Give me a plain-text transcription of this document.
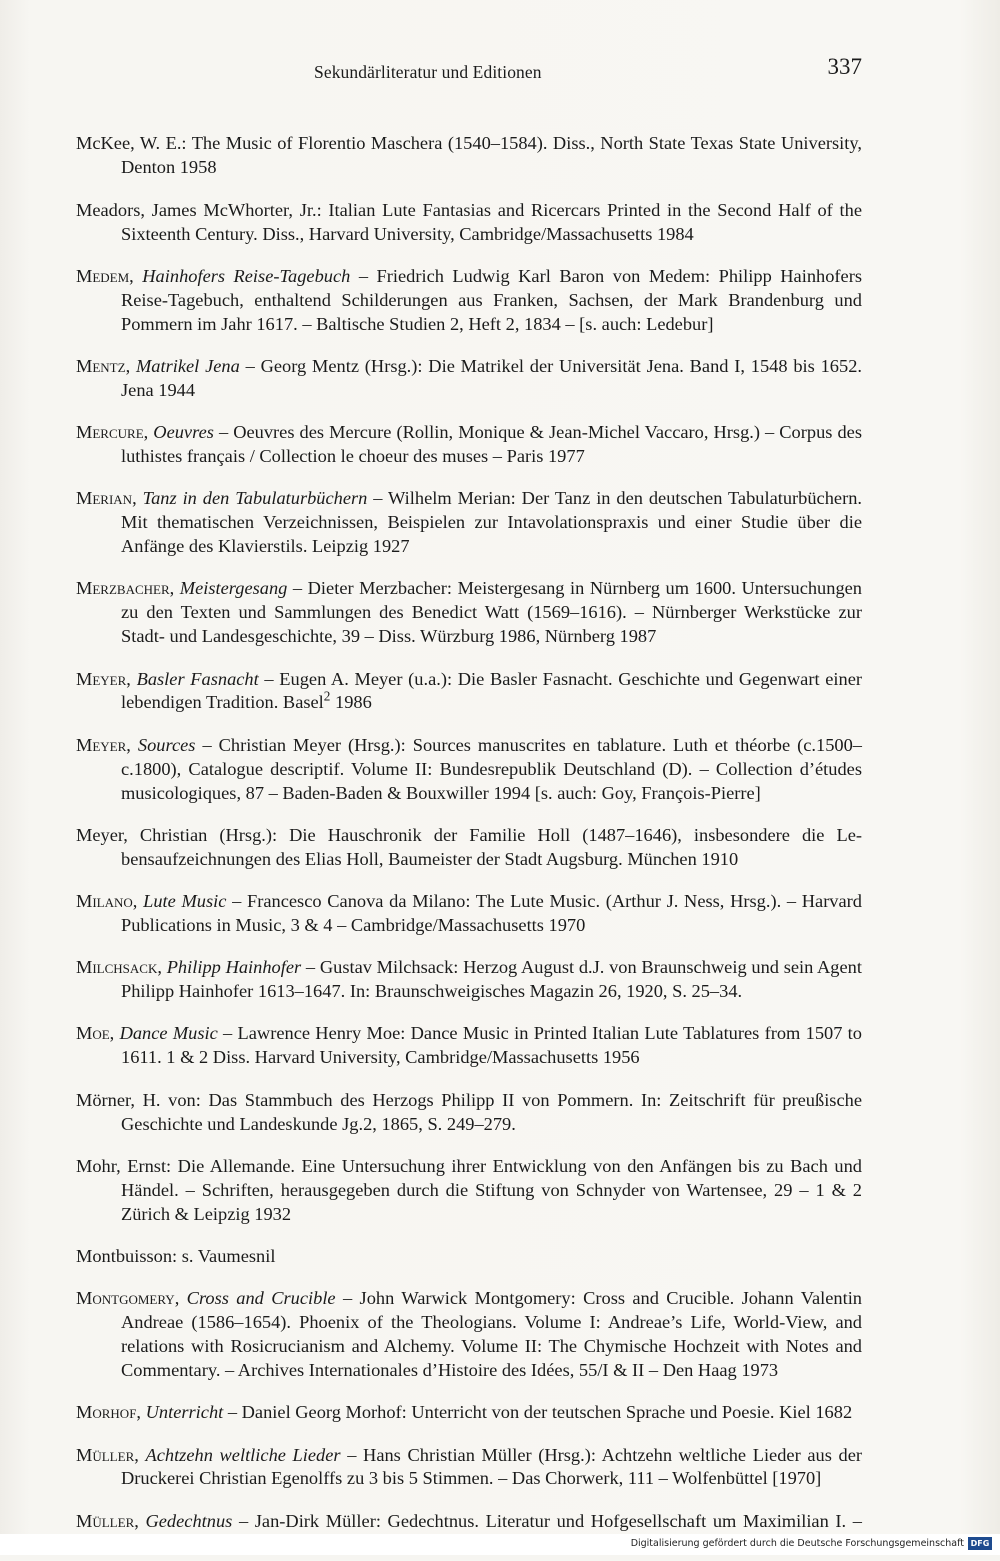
Sekundärliteratur und Editionen	337

McKee, W. E.: The Music of Florentio Maschera (1540–1584). Diss., North State Texas State University, Denton 1958

Meadors, James McWhorter, Jr.: Italian Lute Fantasias and Ricercars Printed in the Second Half of the Sixteenth Century. Diss., Harvard University, Cambridge/Massachusetts 1984

Medem, Hainhofers Reise-Tagebuch – Friedrich Ludwig Karl Baron von Medem: Philipp Hainhofers Reise-Tagebuch, enthaltend Schilderungen aus Franken, Sachsen, der Mark Brandenburg und Pommern im Jahr 1617. – Baltische Studien 2, Heft 2, 1834 – [s. auch: Ledebur]

Mentz, Matrikel Jena – Georg Mentz (Hrsg.): Die Matrikel der Universität Jena. Band I, 1548 bis 1652. Jena 1944

Mercure, Oeuvres – Oeuvres des Mercure (Rollin, Monique & Jean-Michel Vaccaro, Hrsg.) – Corpus des luthistes français / Collection le choeur des muses – Paris 1977

Merian, Tanz in den Tabulaturbüchern – Wilhelm Merian: Der Tanz in den deutschen Tabulaturbüchern. Mit thematischen Verzeichnissen, Beispielen zur Intavolationspraxis und einer Studie über die Anfänge des Klavierstils. Leipzig 1927

Merzbacher, Meistergesang – Dieter Merzbacher: Meistergesang in Nürnberg um 1600. Untersuchungen zu den Texten und Sammlungen des Benedict Watt (1569–1616). – Nürnberger Werkstücke zur Stadt- und Landesgeschichte, 39 – Diss. Würzburg 1986, Nürnberg 1987

Meyer, Basler Fasnacht – Eugen A. Meyer (u.a.): Die Basler Fasnacht. Geschichte und Gegenwart einer lebendigen Tradition. Basel$^2$ 1986

Meyer, Sources – Christian Meyer (Hrsg.): Sources manuscrites en tablature. Luth et théorbe (c.1500–c.1800), Catalogue descriptif. Volume II: Bundesrepublik Deutschland (D). – Collection d’études musicologiques, 87 – Baden-Baden & Bouxwiller 1994 [s. auch: Goy, François-Pierre]

Meyer, Christian (Hrsg.): Die Hauschronik der Familie Holl (1487–1646), insbesondere die Lebensaufzeichnungen des Elias Holl, Baumeister der Stadt Augsburg. München 1910

Milano, Lute Music – Francesco Canova da Milano: The Lute Music. (Arthur J. Ness, Hrsg.). – Harvard Publications in Music, 3 & 4 – Cambridge/Massachusetts 1970

Milchsack, Philipp Hainhofer – Gustav Milchsack: Herzog August d.J. von Braunschweig und sein Agent Philipp Hainhofer 1613–1647. In: Braunschweigisches Magazin 26, 1920, S. 25–34.

Moe, Dance Music – Lawrence Henry Moe: Dance Music in Printed Italian Lute Tablatures from 1507 to 1611. 1 & 2 Diss. Harvard University, Cambridge/Massachusetts 1956

Mörner, H. von: Das Stammbuch des Herzogs Philipp II von Pommern. In: Zeitschrift für preußische Geschichte und Landeskunde Jg.2, 1865, S. 249–279.

Mohr, Ernst: Die Allemande. Eine Untersuchung ihrer Entwicklung von den Anfängen bis zu Bach und Händel. – Schriften, herausgegeben durch die Stiftung von Schnyder von Wartensee, 29 – 1 & 2 Zürich & Leipzig 1932

Montbuisson: s. Vaumesnil

Montgomery, Cross and Crucible – John Warwick Montgomery: Cross and Crucible. Johann Valentin Andreae (1586–1654). Phoenix of the Theologians. Volume I: Andreae’s Life, World-View, and relations with Rosicrucianism and Alchemy. Volume II: The Chymische Hochzeit with Notes and Commentary. – Archives Internationales d’Histoire des Idées, 55/I & II – Den Haag 1973

Morhof, Unterricht – Daniel Georg Morhof: Unterricht von der teutschen Sprache und Poesie. Kiel 1682

Müller, Achtzehn weltliche Lieder – Hans Christian Müller (Hrsg.): Achtzehn weltliche Lieder aus der Druckerei Christian Egenolffs zu 3 bis 5 Stimmen. – Das Chorwerk, 111 – Wolfenbüttel [1970]

Müller, Gedechtnus – Jan-Dirk Müller: Gedechtnus. Literatur und Hofgesellschaft um Maximilian I. –

Digitalisierung gefördert durch die Deutsche Forschungsgemeinschaft DFG
